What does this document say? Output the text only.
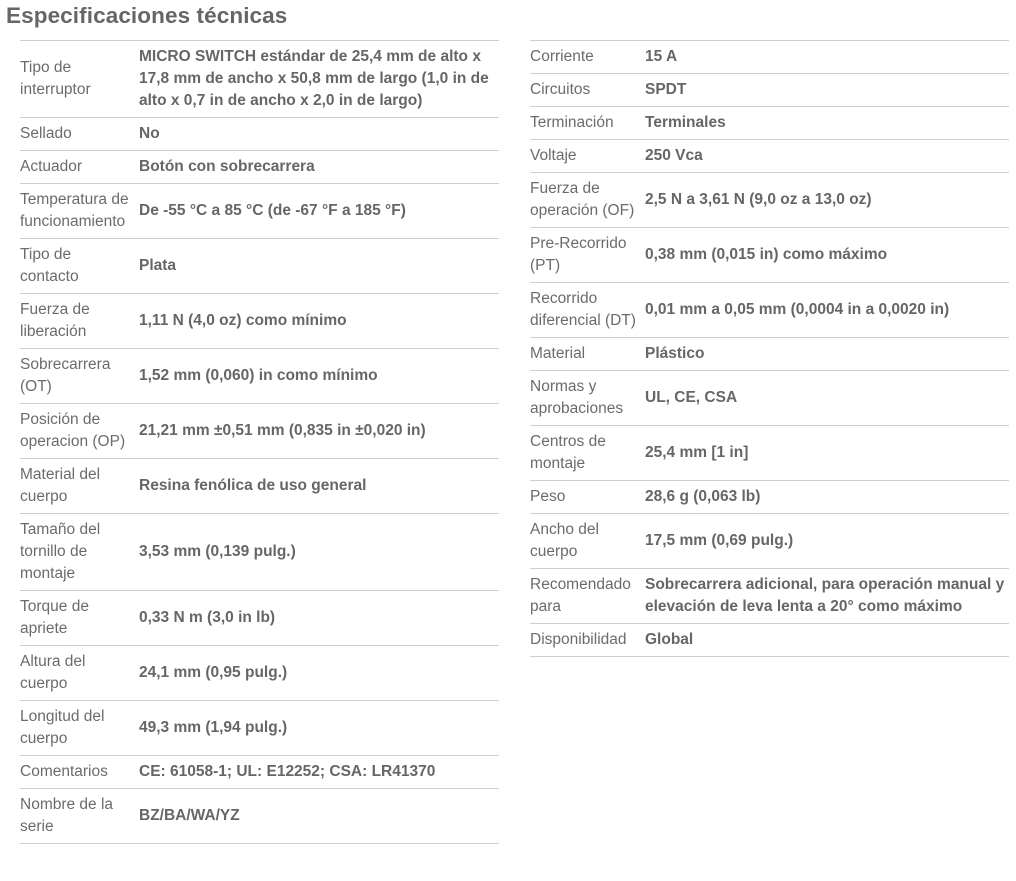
Especificaciones técnicas
Tipo de interruptor	MICRO SWITCH estándar de 25,4 mm de alto x 17,8 mm de ancho x 50,8 mm de largo (1,0 in de alto x 0,7 in de ancho x 2,0 in de largo)
Sellado	No
Actuador	Botón con sobrecarrera
Temperatura de funcionamiento	De -55 °C a 85 °C (de -67 °F a 185 °F)
Tipo de contacto	Plata
Fuerza de liberación	1,11 N (4,0 oz) como mínimo
Sobrecarrera (OT)	1,52 mm (0,060) in como mínimo
Posición de operacion (OP)	21,21 mm ±0,51 mm (0,835 in ±0,020 in)
Material del cuerpo	Resina fenólica de uso general
Tamaño del tornillo de montaje	3,53 mm (0,139 pulg.)
Torque de apriete	0,33 N m (3,0 in lb)
Altura del cuerpo	24,1 mm (0,95 pulg.)
Longitud del cuerpo	49,3 mm (1,94 pulg.)
Comentarios	CE: 61058-1; UL: E12252; CSA: LR41370
Nombre de la serie	BZ/BA/WA/YZ
Corriente	15 A
Circuitos	SPDT
Terminación	Terminales
Voltaje	250 Vca
Fuerza de operación (OF)	2,5 N a 3,61 N (9,0 oz a 13,0 oz)
Pre-Recorrido (PT)	0,38 mm (0,015 in) como máximo
Recorrido diferencial (DT)	0,01 mm a 0,05 mm (0,0004 in a 0,0020 in)
Material	Plástico
Normas y aprobaciones	UL, CE, CSA
Centros de montaje	25,4 mm [1 in]
Peso	28,6 g (0,063 lb)
Ancho del cuerpo	17,5 mm (0,69 pulg.)
Recomendado para	Sobrecarrera adicional, para operación manual y elevación de leva lenta a 20° como máximo
Disponibilidad	Global
